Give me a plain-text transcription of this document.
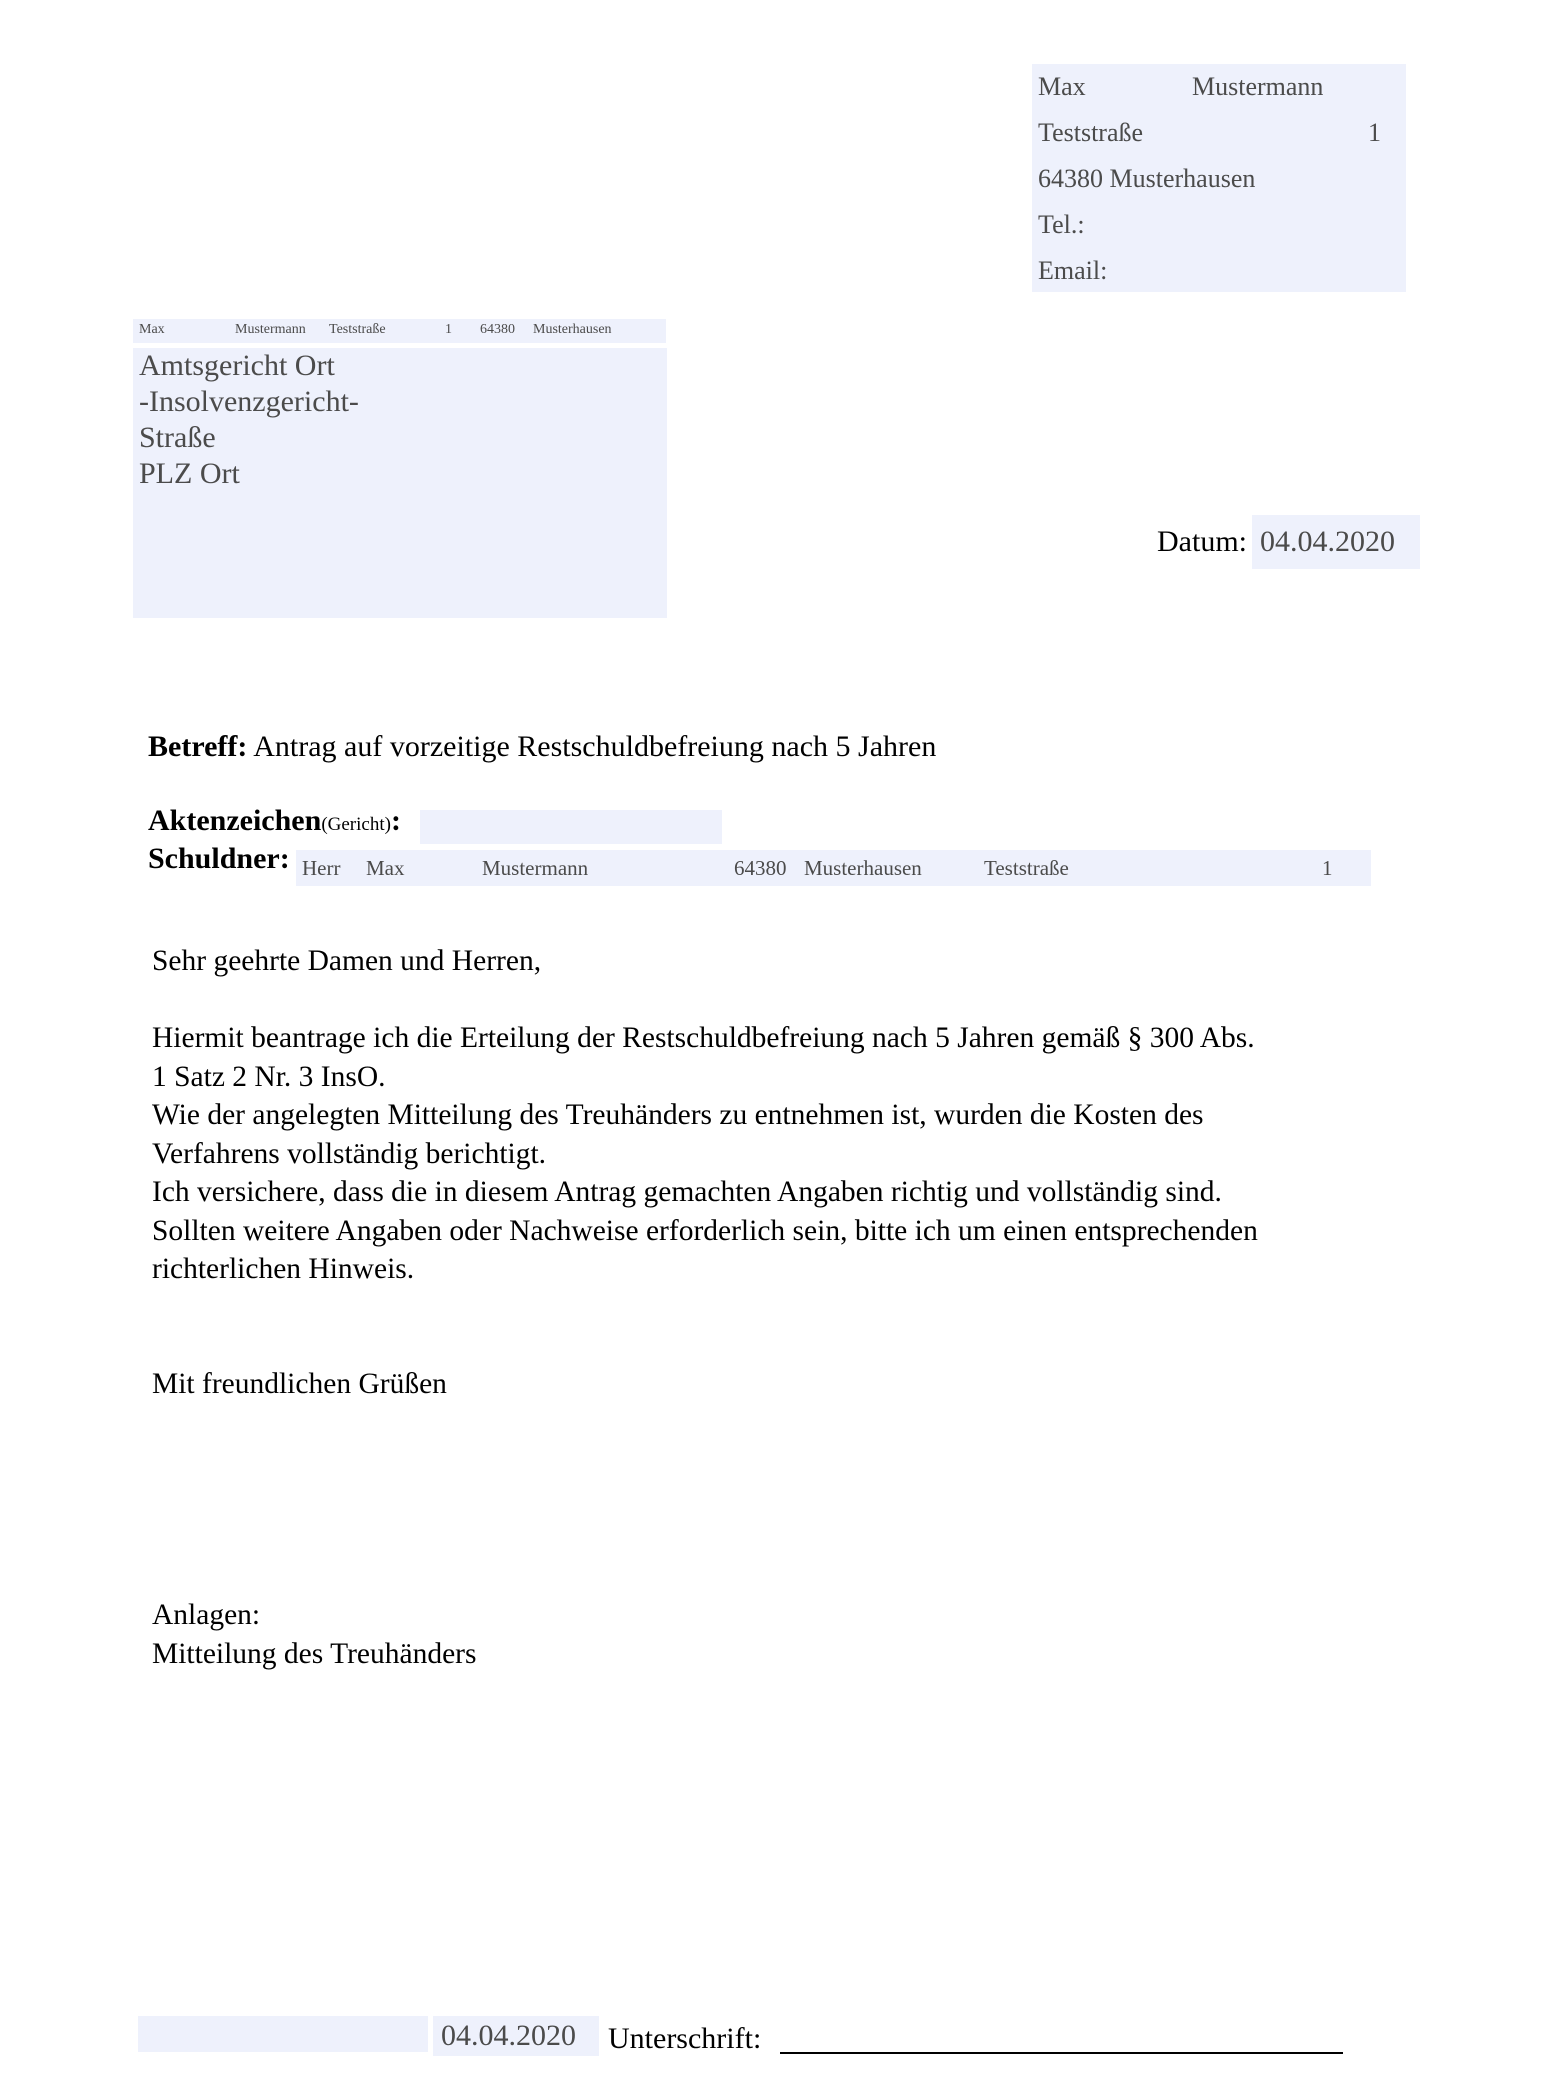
Max	Mustermann
Teststraße	1
64380 Musterhausen
Tel.:
Email:
Max	Mustermann Teststraße	1 64380 Musterhausen
Amtsgericht Ort
-Insolvenzgericht-
Straße
PLZ Ort
Datum: 04.04.2020
Betreff: Antrag auf vorzeitige Restschuldbefreiung nach 5 Jahren
Aktenzeichen(Gericht):
Schuldner: Herr Max	Mustermann	64380 Musterhausen	Teststraße	1
Sehr geehrte Damen und Herren,
Hiermit beantrage ich die Erteilung der Restschuldbefreiung nach 5 Jahren gemäß § 300 Abs.
1 Satz 2 Nr. 3 InsO.
Wie der angelegten Mitteilung des Treuhänders zu entnehmen ist, wurden die Kosten des
Verfahrens vollständig berichtigt.
Ich versichere, dass die in diesem Antrag gemachten Angaben richtig und vollständig sind.
Sollten weitere Angaben oder Nachweise erforderlich sein, bitte ich um einen entsprechenden
richterlichen Hinweis.
Mit freundlichen Grüßen
Anlagen:
Mitteilung des Treuhänders
04.04.2020	Unterschrift:
